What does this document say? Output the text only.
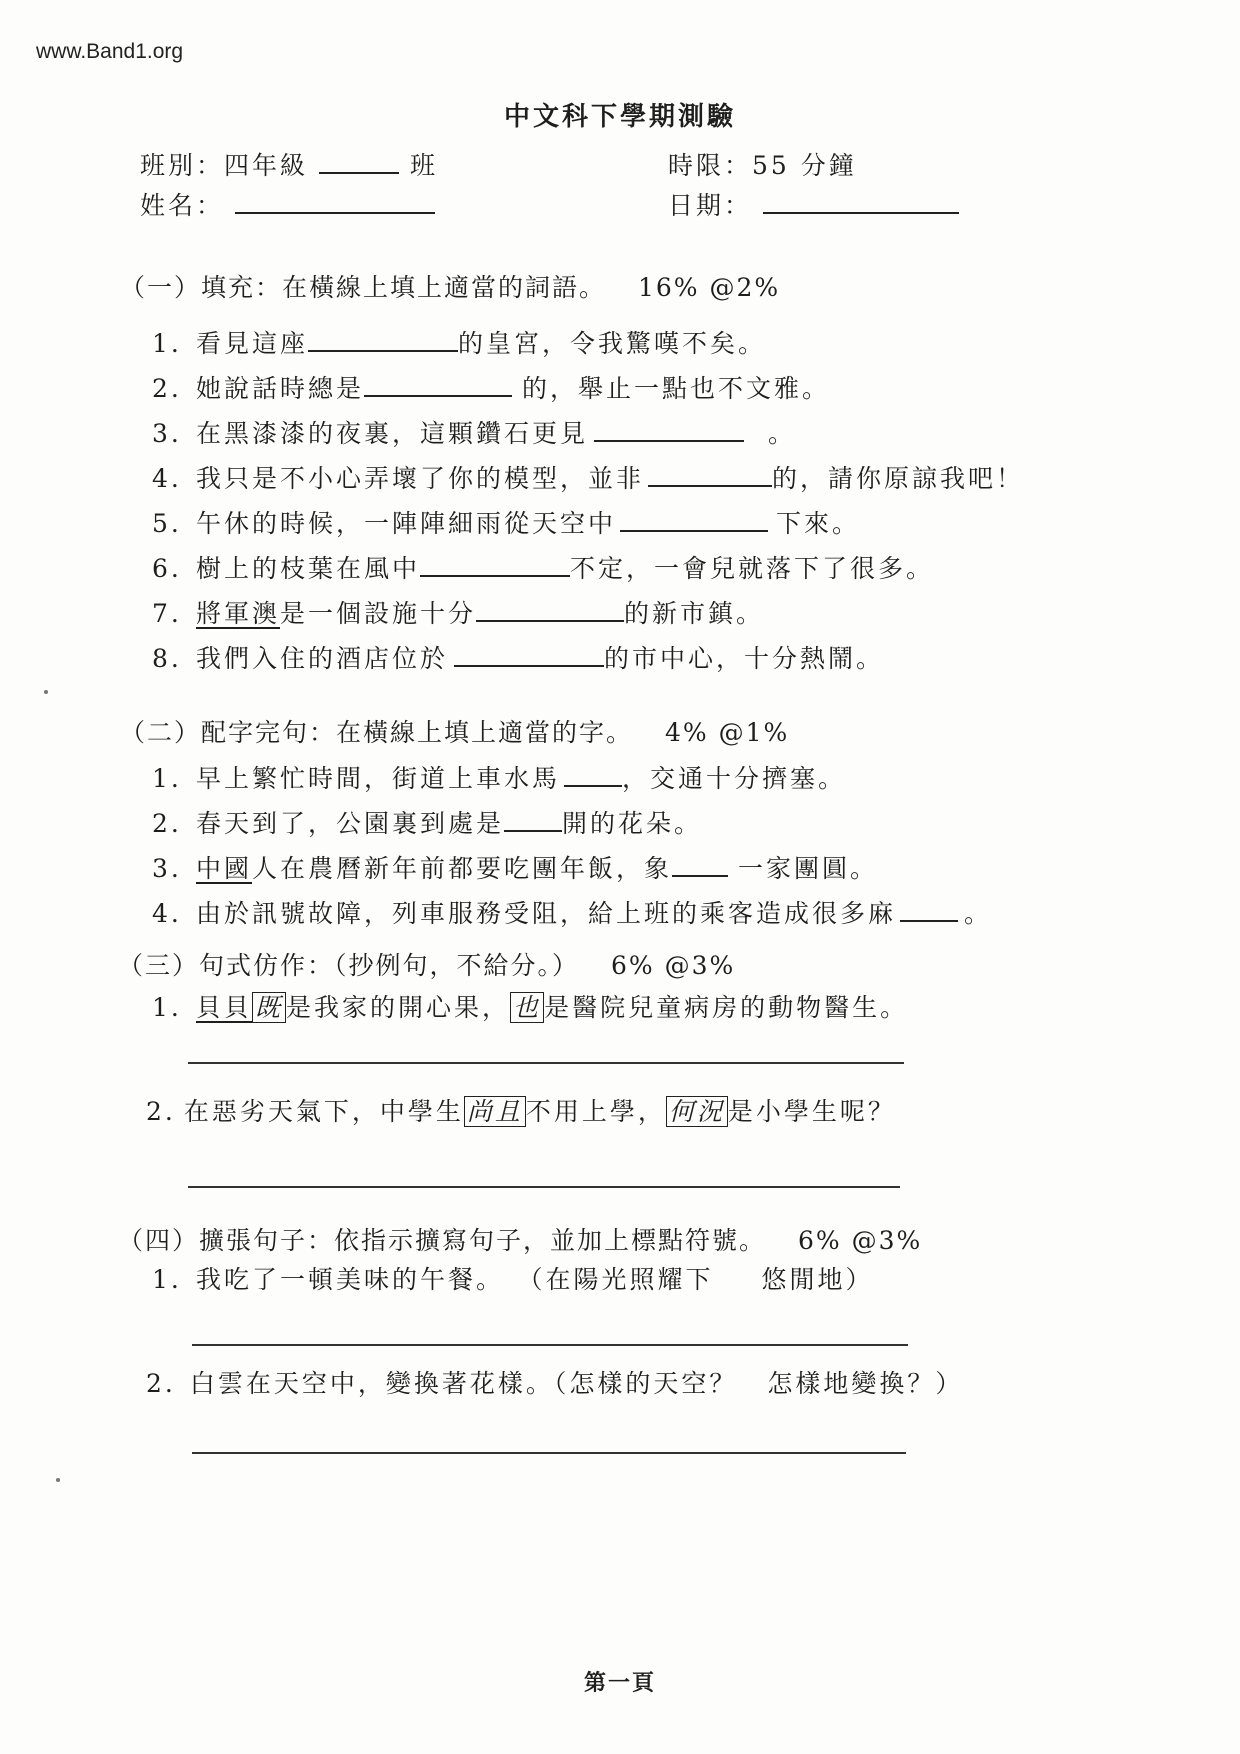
www.Band1.org
中文科下學期測驗
班別：四年級	班	時限：55 分鐘
姓名：	日期：
（一）填充：在橫線上填上適當的詞語。 16% @2%
1. 看見這座	的皇宮，令我驚嘆不矣。
2. 她說話時總是	的，舉止一點也不文雅。
3. 在黑漆漆的夜裏，這顆鑽石更見	。
4. 我只是不小心弄壞了你的模型，並非	的，請你原諒我吧！
5. 午休的時候，一陣陣細雨從天空中	下來。
6. 樹上的枝葉在風中	不定，一會兒就落下了很多。
7. 將軍澳是一個設施十分	的新市鎮。
8. 我們入住的酒店位於	的市中心，十分熱鬧。
（二）配字完句：在橫線上填上適當的字。 4% @1%
1. 早上繁忙時間，街道上車水馬 ，交通十分擠塞。
2. 春天到了，公園裏到處是 開的花朵。
3. 中國人在農曆新年前都要吃團年飯，象	一家團圓。
4. 由於訊號故障，列車服務受阻，給上班的乘客造成很多麻	。
（三）句式仿作：（抄例句，不給分。） 6% @3%
1. 貝貝 既 是我家的開心果， 也 是醫院兒童病房的動物醫生。
2. 在惡劣天氣下，中學生 尚且 不用上學， 何況 是小學生呢？
（四）擴張句子：依指示擴寫句子，並加上標點符號。 6% @3%
1. 我吃了一頓美味的午餐。 （在陽光照耀下 悠閒地）
2. 白雲在天空中，變換著花樣。（怎樣的天空？ 怎樣地變換？）
第一頁
